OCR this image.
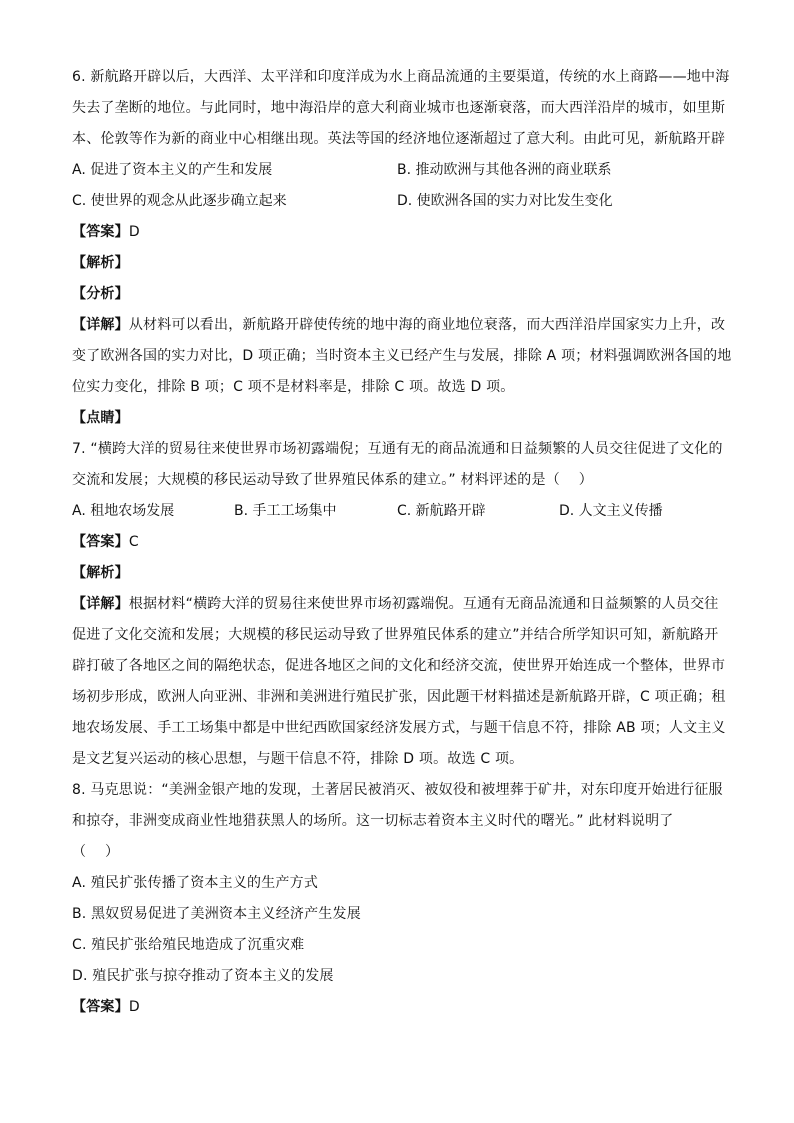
6. 新航路开辟以后，大西洋、太平洋和印度洋成为水上商品流通的主要渠道，传统的水上商路——地中海
失去了垄断的地位。与此同时，地中海沿岸的意大利商业城市也逐渐衰落，而大西洋沿岸的城市，如里斯
本、伦敦等作为新的商业中心相继出现。英法等国的经济地位逐渐超过了意大利。由此可见，新航路开辟
A. 促进了资本主义的产生和发展	B. 推动欧洲与其他各洲的商业联系
C. 使世界的观念从此逐步确立起来	D. 使欧洲各国的实力对比发生变化
【答案】D
【解析】
【分析】
【详解】从材料可以看出，新航路开辟使传统的地中海的商业地位衰落，而大西洋沿岸国家实力上升，改
变了欧洲各国的实力对比，D 项正确；当时资本主义已经产生与发展，排除 A 项；材料强调欧洲各国的地
位实力变化，排除 B 项；C 项不是材料率是，排除 C 项。故选 D 项。
【点睛】
7. “横跨大洋的贸易往来使世界市场初露端倪；互通有无的商品流通和日益频繁的人员交往促进了文化的
交流和发展；大规模的移民运动导致了世界殖民体系的建立。” 材料评述的是（　 ）
A. 租地农场发展	B. 手工工场集中	C. 新航路开辟	D. 人文主义传播
【答案】C
【解析】
【详解】根据材料“横跨大洋的贸易往来使世界市场初露端倪。互通有无商品流通和日益频繁的人员交往
促进了文化交流和发展；大规模的移民运动导致了世界殖民体系的建立”并结合所学知识可知，新航路开
辟打破了各地区之间的隔绝状态，促进各地区之间的文化和经济交流，使世界开始连成一个整体，世界市
场初步形成，欧洲人向亚洲、非洲和美洲进行殖民扩张，因此题干材料描述是新航路开辟，C 项正确；租
地农场发展、手工工场集中都是中世纪西欧国家经济发展方式，与题干信息不符，排除 AB 项；人文主义
是文艺复兴运动的核心思想，与题干信息不符，排除 D 项。故选 C 项。
8. 马克思说：“美洲金银产地的发现，土著居民被消灭、被奴役和被埋葬于矿井，对东印度开始进行征服
和掠夺，非洲变成商业性地猎获黑人的场所。这一切标志着资本主义时代的曙光。” 此材料说明了
（　 ）
A. 殖民扩张传播了资本主义的生产方式
B. 黑奴贸易促进了美洲资本主义经济产生发展
C. 殖民扩张给殖民地造成了沉重灾难
D. 殖民扩张与掠夺推动了资本主义的发展
【答案】D
